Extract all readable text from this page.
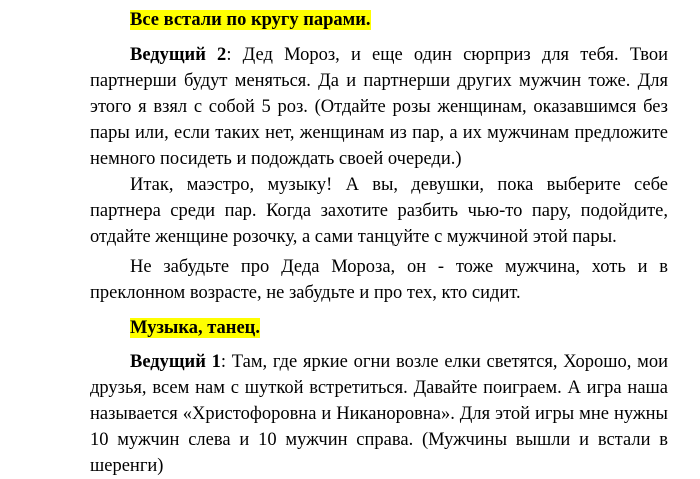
Все встали по кругу парами.

Ведущий 2: Дед Мороз, и еще один сюрприз для тебя. Твои партнерши будут меняться. Да и партнерши других мужчин тоже. Для этого я взял с собой 5 роз. (Отдайте розы женщинам, оказавшимся без пары или, если таких нет, женщинам из пар, а их мужчинам предложите немного посидеть и подождать своей очереди.)

Итак, маэстро, музыку! А вы, девушки, пока выберите себе партнера среди пар. Когда захотите разбить чью-то пару, подойдите, отдайте женщине розочку, а сами танцуйте с мужчиной этой пары.

Не забудьте про Деда Мороза, он - тоже мужчина, хоть и в преклонном возрасте, не забудьте и про тех, кто сидит.

Музыка, танец.

Ведущий 1: Там, где яркие огни возле елки светятся, Хорошо, мои друзья, всем нам с шуткой встретиться. Давайте поиграем. А игра наша называется «Христофоровна и Никаноровна». Для этой игры мне нужны 10 мужчин слева и 10 мужчин справа. (Мужчины вышли и встали в шеренги)
